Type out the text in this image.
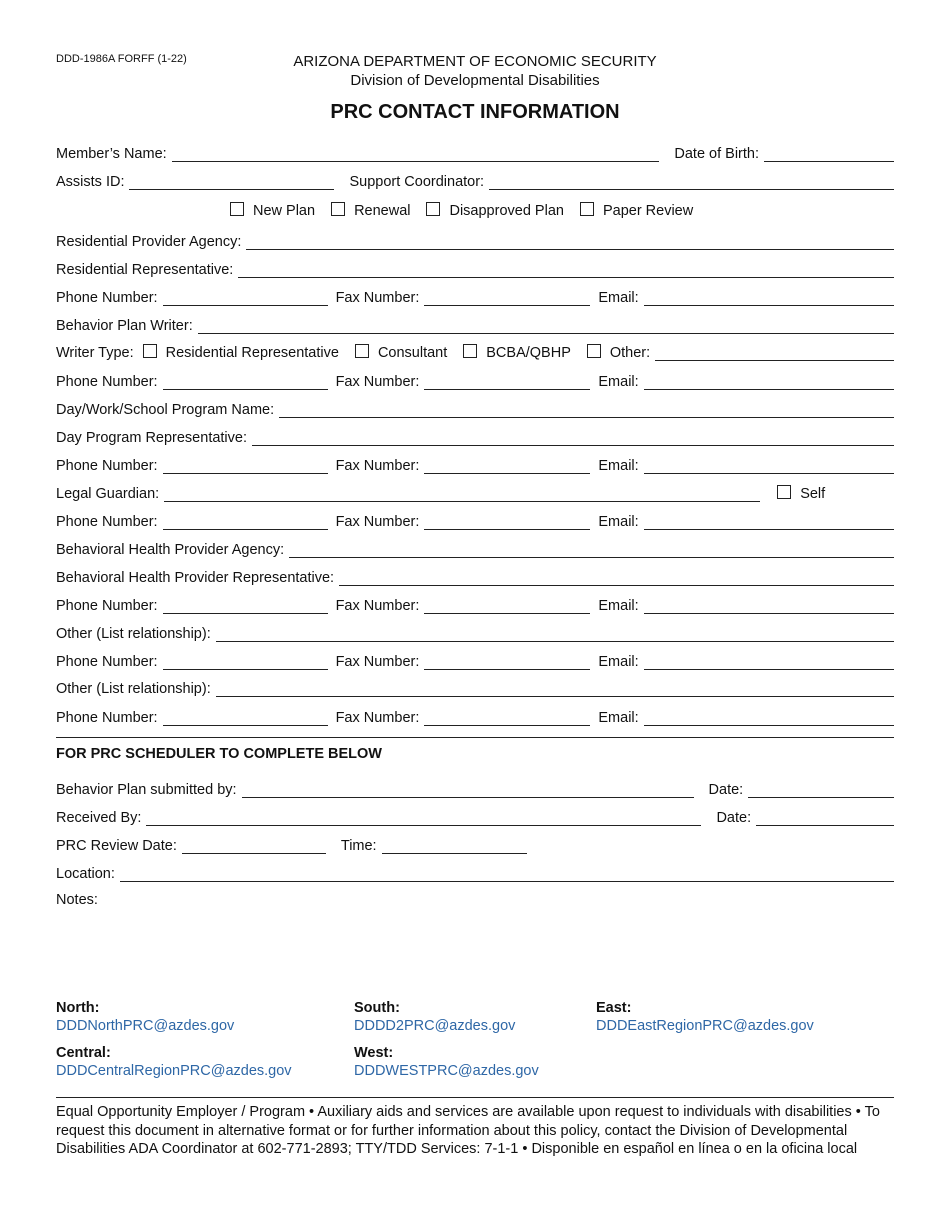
DDD-1986A FORFF (1-22)	ARIZONA DEPARTMENT OF ECONOMIC SECURITY
Division of Developmental Disabilities
PRC CONTACT INFORMATION
Member’s Name:	Date of Birth:
Assists ID:	Support Coordinator:
New Plan	Renewal	Disapproved Plan	Paper Review
Residential Provider Agency:
Residential Representative:
Phone Number:	Fax Number:	Email:
Behavior Plan Writer:
Writer Type: Residential Representative	Consultant	BCBA/QBHP	Other:
Phone Number:	Fax Number:	Email:
Day/Work/School Program Name:
Day Program Representative:
Phone Number:	Fax Number:	Email:
Legal Guardian:	Self
Phone Number:	Fax Number:	Email:
Behavioral Health Provider Agency:
Behavioral Health Provider Representative:
Phone Number:	Fax Number:	Email:
Other (List relationship):
Phone Number:	Fax Number:	Email:
Other (List relationship):
Phone Number:	Fax Number:	Email:
FOR PRC SCHEDULER TO COMPLETE BELOW
Behavior Plan submitted by:	Date:
Received By:	Date:
PRC Review Date:	Time:
Location:
Notes:
North:
DDDNorthPRC@azdes.gov
South:
DDDD2PRC@azdes.gov
East:
DDDEastRegionPRC@azdes.gov
Central:
DDDCentralRegionPRC@azdes.gov
West:
DDDWESTPRC@azdes.gov
Equal Opportunity Employer / Program • Auxiliary aids and services are available upon request to individuals with disabilities • To request this document in alternative format or for further information about this policy, contact the Division of Developmental Disabilities ADA Coordinator at 602-771-2893; TTY/TDD Services: 7-1-1 • Disponible en español en línea o en la oficina local
